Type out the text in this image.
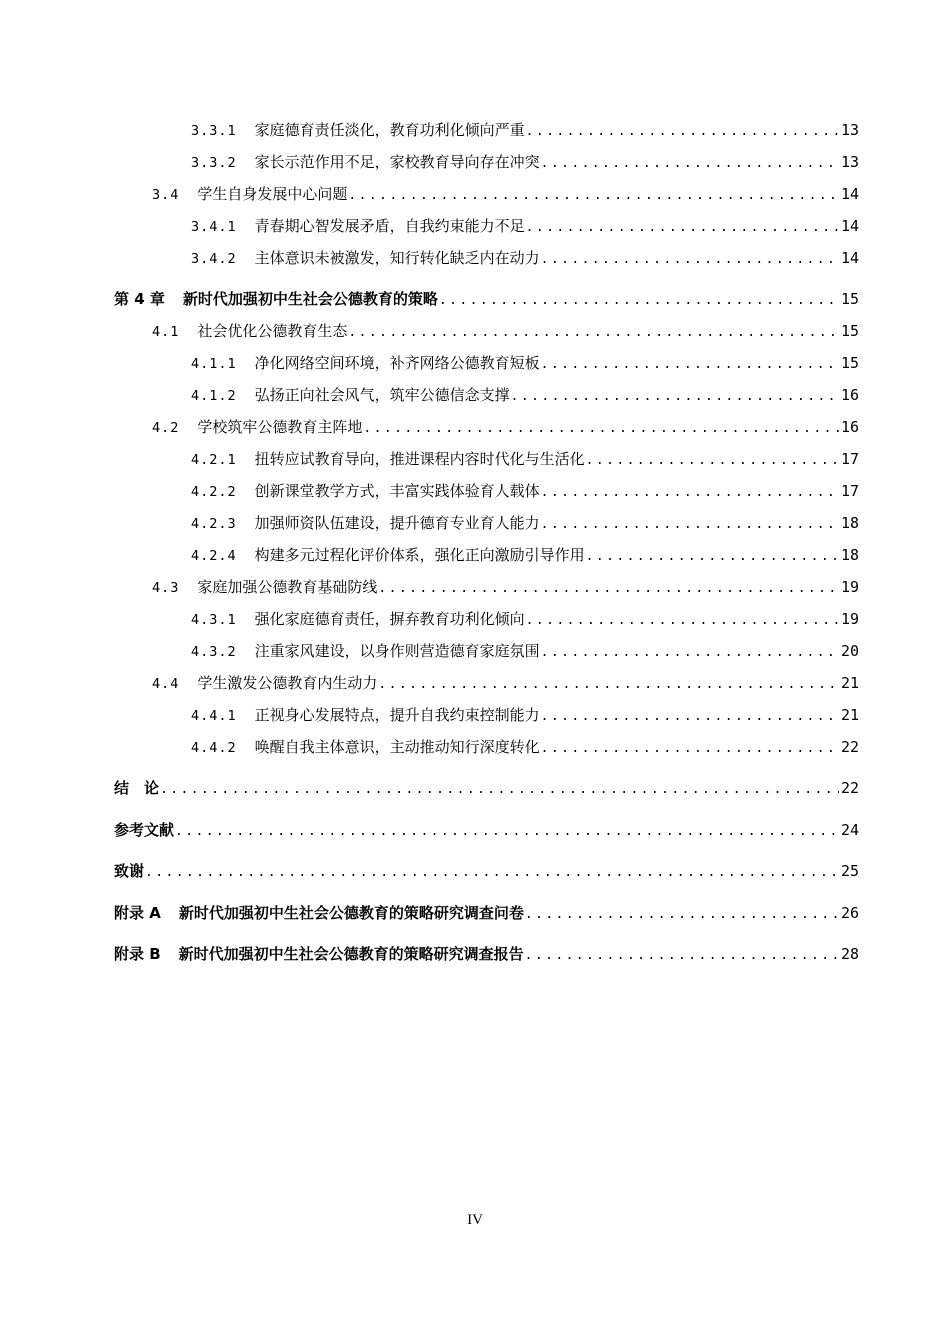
3.3.1 家庭德育责任淡化，教育功利化倾向严重 .....	13
3.3.2 家长示范作用不足，家校教育导向存在冲突 .....	13
3.4 学生自身发展中心问题 .....	14
3.4.1 青春期心智发展矛盾，自我约束能力不足 .....	14
3.4.2 主体意识未被激发，知行转化缺乏内在动力 .....	14
第 4 章 新时代加强初中生社会公德教育的策略 .....	15
4.1 社会优化公德教育生态 .....	15
4.1.1 净化网络空间环境，补齐网络公德教育短板 .....	15
4.1.2 弘扬正向社会风气，筑牢公德信念支撑 .....	16
4.2 学校筑牢公德教育主阵地 .....	16
4.2.1 扭转应试教育导向，推进课程内容时代化与生活化 .....	17
4.2.2 创新课堂教学方式，丰富实践体验育人载体 .....	17
4.2.3 加强师资队伍建设，提升德育专业育人能力 .....	18
4.2.4 构建多元过程化评价体系，强化正向激励引导作用 .....	18
4.3 家庭加强公德教育基础防线 .....	19
4.3.1 强化家庭德育责任，摒弃教育功利化倾向 .....	19
4.3.2 注重家风建设，以身作则营造德育家庭氛围 .....	20
4.4 学生激发公德教育内生动力 .....	21
4.4.1 正视身心发展特点，提升自我约束控制能力 .....	21
4.4.2 唤醒自我主体意识，主动推动知行深度转化 .....	22
结　论 .....	22
参考文献 .....	24
致谢 .....	25
附录 A 新时代加强初中生社会公德教育的策略研究调查问卷 .....	26
附录 B 新时代加强初中生社会公德教育的策略研究调查报告 .....	28
IV
